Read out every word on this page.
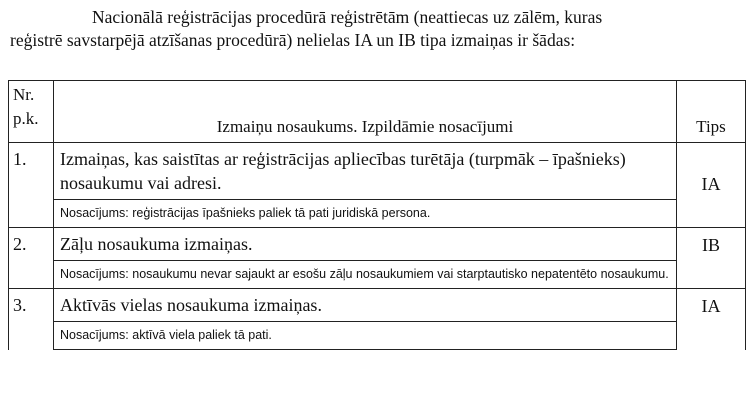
Nacionālā reģistrācijas procedūrā reģistrētām (neattiecas uz zālēm, kuras
reģistrē savstarpējā atzīšanas procedūrā) nelielas IA un IB tipa izmaiņas ir šādas:
Nr.
p.k.	Izmaiņu nosaukums. Izpildāmie nosacījumi	Tips
1.	Izmaiņas, kas saistītas ar reģistrācijas apliecības turētāja (turpmāk – īpašnieks) nosaukumu vai adresi.	IA
	Nosacījums: reģistrācijas īpašnieks paliek tā pati juridiskā persona.	
2.	Zāļu nosaukuma izmaiņas.	IB
	Nosacījums: nosaukumu nevar sajaukt ar esošu zāļu nosaukumiem vai starptautisko nepatentēto nosaukumu.	
3.	Aktīvās vielas nosaukuma izmaiņas.	IA
	Nosacījums: aktīvā viela paliek tā pati.	
